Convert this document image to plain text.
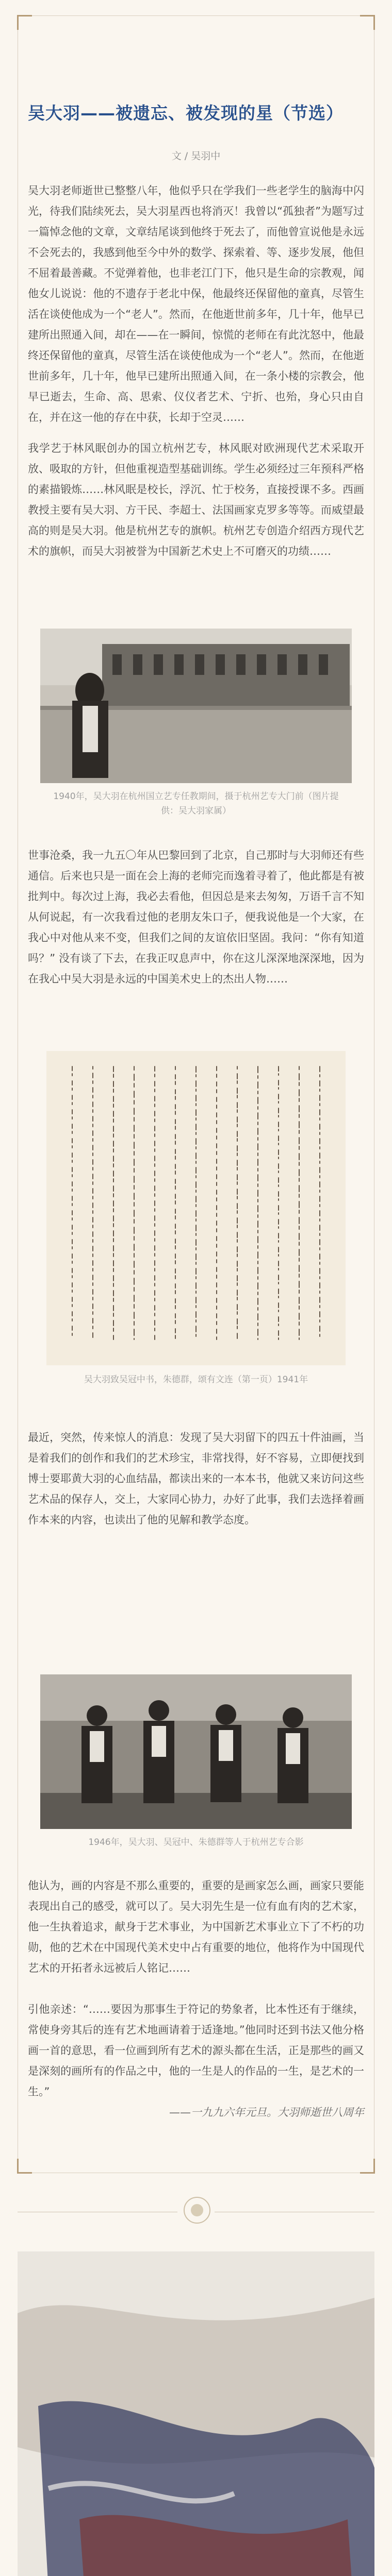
吴大羽——被遗忘、被发现的星（节选）
文 / 吴羽中
吴大羽老师逝世已整整八年，他似乎只在学我们一些老学生的脑海中闪光，待我们陆续死去，吴大羽星西也将消灭！我曾以“孤独者”为题写过一篇悼念他的文章，文章结尾谈到他终于死去了，而他曾宣说他是永远不会死去的，我感到他至今中外的数学、探索着、等、逐步发展，他但不屈着最善藏。不觉弹着他，也非老江门下，他只是生命的宗教观，闻他女儿说说：他的不遗存于老北中保，他最终还保留他的童真，尽管生活在谈使他成为一个“老人”。然而，在他逝世前多年，几十年，他早已建所出照通入间，却在——在一瞬间，惊慌的老师在有此沈怒中，他最终还保留他的童真，尽管生活在谈使他成为一个“老人”。然而，在他逝世前多年，几十年，他早已建所出照通入间，在一条小楼的宗教会，他早已逝去，生命、高、思索、仪仪者艺术、宁折、也殆，身心只由自在，并在这一他的存在中获，长却于空灵……
我学艺于林风眠创办的国立杭州艺专，林风眠对欧洲现代艺术采取开放、吸取的方针，但他重视造型基础训练。学生必须经过三年预科严格的素描锻炼……林风眠是校长，浮沉、忙于校务，直接授课不多。西画教授主要有吴大羽、方干民、李超士、法国画家克罗多等等。而威望最高的则是吴大羽。他是杭州艺专的旗帜。杭州艺专创造介绍西方现代艺术的旗帜，而吴大羽被誉为中国新艺术史上不可磨灭的功绩……
1940年，吴大羽在杭州国立艺专任教期间，摄于杭州艺专大门前（图片提供：吴大羽家属）
世事沧桑，我一九五〇年从巴黎回到了北京，自己那时与大羽师还有些通信。后来也只是一面在会上海的老师完而逸着寻着了，他此都是有被批判中。每次过上海，我必去看他，但因总是来去匆匆，万语千言不知从何说起，有一次我看过他的老朋友朱口子，便我说他是一个大家，在我心中对他从来不变，但我们之间的友谊依旧坚固。我问：“你有知道吗？” 没有谈了下去，在我正叹息声中，你在这儿深深地深深地，因为在我心中吴大羽是永远的中国美术史上的杰出人物……
吴大羽致吴冠中书，朱德群，颂有文连（第一页）1941年
最近，突然，传来惊人的消息：发现了吴大羽留下的四五十件油画，当是着我们的创作和我们的艺术珍宝，非常找得，好不容易，立即便找到博士要耶黄大羽的心血结晶，都读出来的一本本书，他就又来访问这些艺术品的保存人，交上，大家同心协力，办好了此事，我们去选择着画作本来的内容，也读出了他的见解和教学态度。
1946年，吴大羽、吴冠中、朱德群等人于杭州艺专合影
他认为，画的内容是不那么重要的，重要的是画家怎么画，画家只要能表现出自己的感受，就可以了。吴大羽先生是一位有血有肉的艺术家，他一生执着追求，献身于艺术事业，为中国新艺术事业立下了不朽的功勋，他的艺术在中国现代美术史中占有重要的地位，他将作为中国现代艺术的开拓者永远被后人铭记……
引他亲述：“……要因为那事生于符记的势象者，比本性还有于继续，常使身旁其后的连有艺术地画请着于适逢地。”他同时还到书法又他分格画一首的意思，看一位画到所有艺术的源头都在生活，正是那些的画又是深刻的画所有的作品之中，他的一生是人的作品的一生，是艺术的一生。”
——一九九六年元旦。大羽师逝世八周年
